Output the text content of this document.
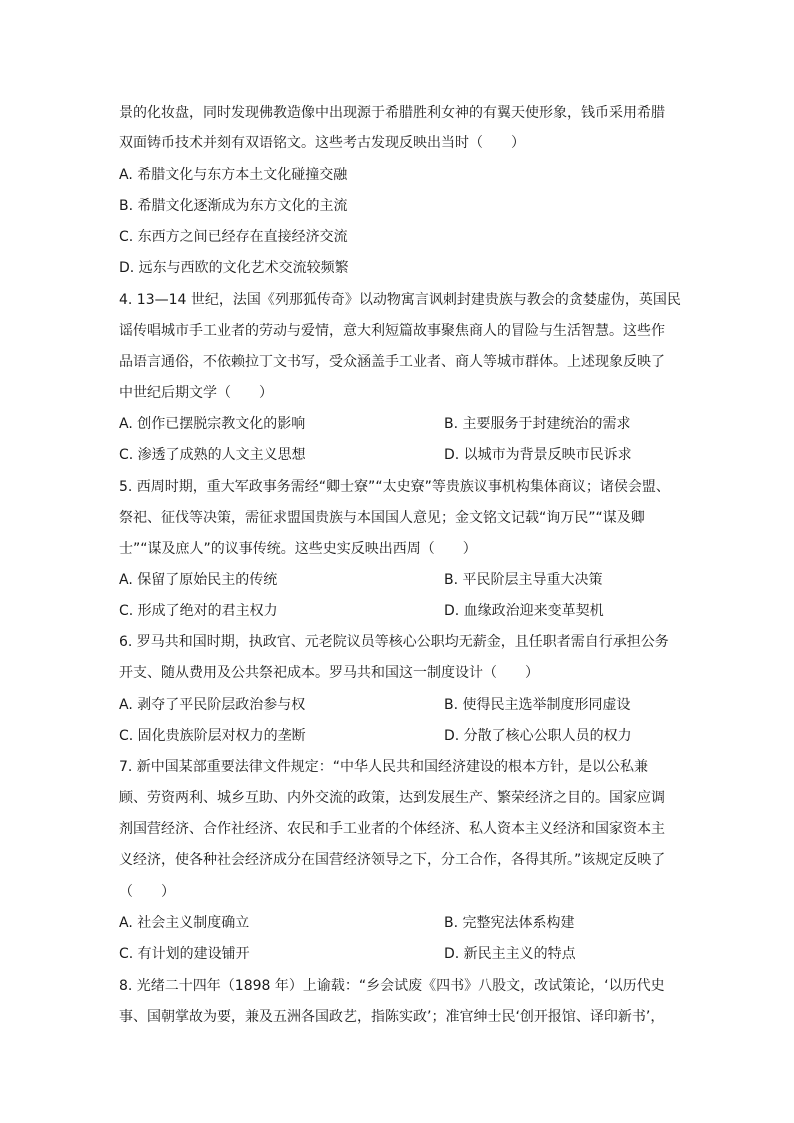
景的化妆盘，同时发现佛教造像中出现源于希腊胜利女神的有翼天使形象，钱币采用希腊
双面铸币技术并刻有双语铭文。这些考古发现反映出当时（　　）
A. 希腊文化与东方本土文化碰撞交融
B. 希腊文化逐渐成为东方文化的主流
C. 东西方之间已经存在直接经济交流
D. 远东与西欧的文化艺术交流较频繁
4. 13—14 世纪，法国《列那狐传奇》以动物寓言讽刺封建贵族与教会的贪婪虚伪，英国民
谣传唱城市手工业者的劳动与爱情，意大利短篇故事聚焦商人的冒险与生活智慧。这些作
品语言通俗，不依赖拉丁文书写，受众涵盖手工业者、商人等城市群体。上述现象反映了
中世纪后期文学（　　）
A. 创作已摆脱宗教文化的影响	B. 主要服务于封建统治的需求
C. 渗透了成熟的人文主义思想	D. 以城市为背景反映市民诉求
5. 西周时期，重大军政事务需经“卿士寮”“太史寮”等贵族议事机构集体商议；诸侯会盟、
祭祀、征伐等决策，需征求盟国贵族与本国国人意见；金文铭文记载“询万民”“谋及卿
士”“谋及庶人”的议事传统。这些史实反映出西周（　　）
A. 保留了原始民主的传统	B. 平民阶层主导重大决策
C. 形成了绝对的君主权力	D. 血缘政治迎来变革契机
6. 罗马共和国时期，执政官、元老院议员等核心公职均无薪金，且任职者需自行承担公务
开支、随从费用及公共祭祀成本。罗马共和国这一制度设计（　　）
A. 剥夺了平民阶层政治参与权	B. 使得民主选举制度形同虚设
C. 固化贵族阶层对权力的垄断	D. 分散了核心公职人员的权力
7. 新中国某部重要法律文件规定：“中华人民共和国经济建设的根本方针，是以公私兼
顾、劳资两利、城乡互助、内外交流的政策，达到发展生产、繁荣经济之目的。国家应调
剂国营经济、合作社经济、农民和手工业者的个体经济、私人资本主义经济和国家资本主
义经济，使各种社会经济成分在国营经济领导之下，分工合作，各得其所。”该规定反映了
（　　）
A. 社会主义制度确立	B. 完整宪法体系构建
C. 有计划的建设铺开	D. 新民主主义的特点
8. 光绪二十四年（1898 年）上谕载：“乡会试废《四书》八股文，改试策论，‘以历代史
事、国朝掌故为要，兼及五洲各国政艺，指陈实政’；准官绅士民‘创开报馆、译印新书’，
